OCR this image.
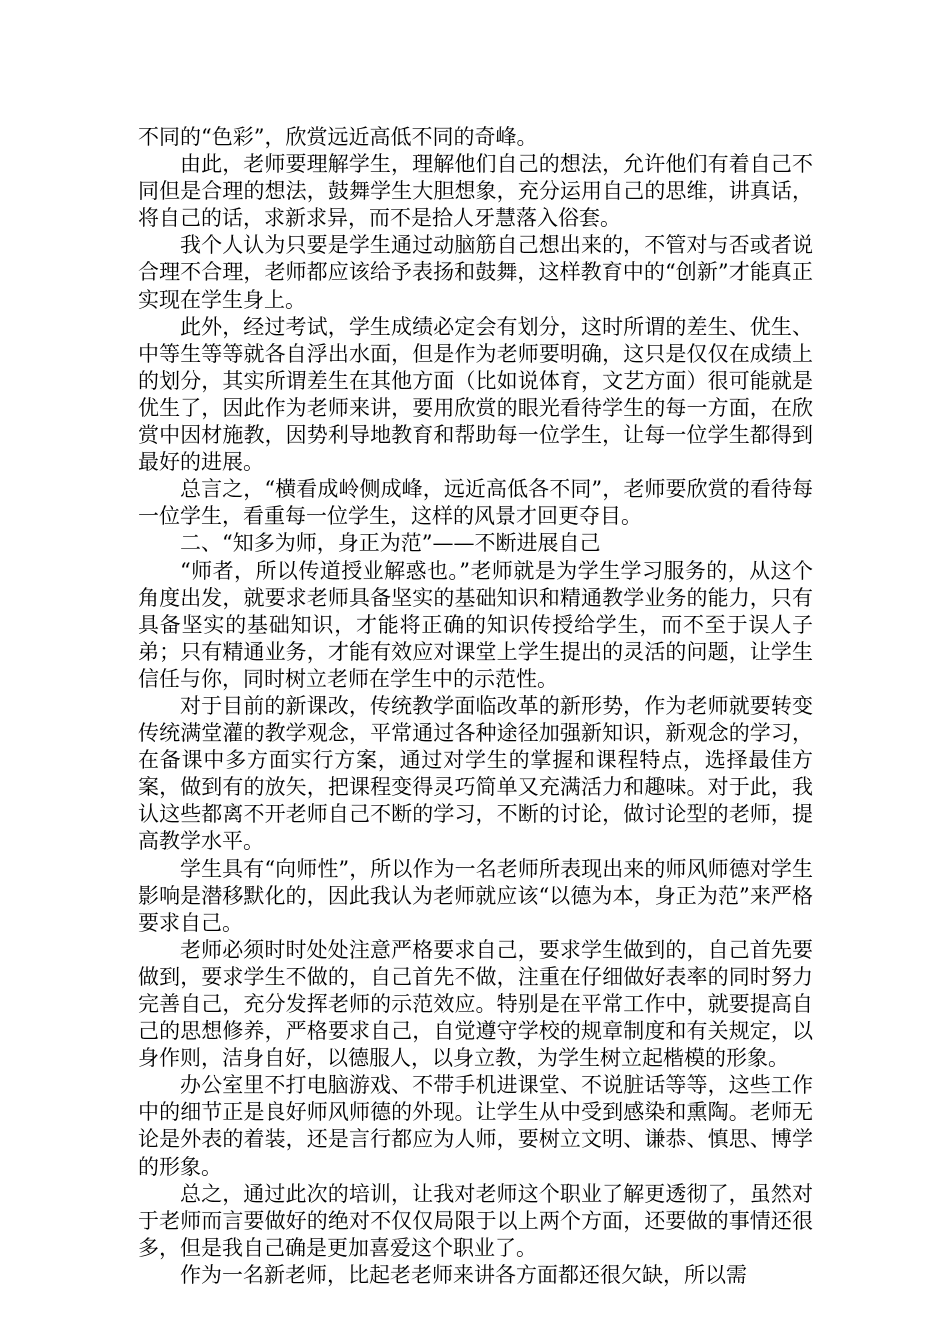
不同的“色彩”，欣赏远近高低不同的奇峰。

由此，老师要理解学生，理解他们自己的想法，允许他们有着自己不同但是合理的想法，鼓舞学生大胆想象，充分运用自己的思维，讲真话，将自己的话，求新求异，而不是拾人牙慧落入俗套。

我个人认为只要是学生通过动脑筋自己想出来的，不管对与否或者说合理不合理，老师都应该给予表扬和鼓舞，这样教育中的“创新”才能真正实现在学生身上。

此外，经过考试，学生成绩必定会有划分，这时所谓的差生、优生、中等生等等就各自浮出水面，但是作为老师要明确，这只是仅仅在成绩上的划分，其实所谓差生在其他方面（比如说体育，文艺方面）很可能就是优生了，因此作为老师来讲，要用欣赏的眼光看待学生的每一方面，在欣赏中因材施教，因势利导地教育和帮助每一位学生，让每一位学生都得到最好的进展。

总言之，“横看成岭侧成峰，远近高低各不同”，老师要欣赏的看待每一位学生，看重每一位学生，这样的风景才回更夺目。

二、“知多为师，身正为范”——不断进展自己

“师者，所以传道授业解惑也。”老师就是为学生学习服务的，从这个角度出发，就要求老师具备坚实的基础知识和精通教学业务的能力，只有具备坚实的基础知识，才能将正确的知识传授给学生，而不至于误人子弟；只有精通业务，才能有效应对课堂上学生提出的灵活的问题，让学生信任与你，同时树立老师在学生中的示范性。

对于目前的新课改，传统教学面临改革的新形势，作为老师就要转变传统满堂灌的教学观念，平常通过各种途径加强新知识，新观念的学习，在备课中多方面实行方案，通过对学生的掌握和课程特点，选择最佳方案，做到有的放矢，把课程变得灵巧简单又充满活力和趣味。对于此，我认这些都离不开老师自己不断的学习，不断的讨论，做讨论型的老师，提高教学水平。

学生具有“向师性”，所以作为一名老师所表现出来的师风师德对学生影响是潜移默化的，因此我认为老师就应该“以德为本，身正为范”来严格要求自己。

老师必须时时处处注意严格要求自己，要求学生做到的，自己首先要做到，要求学生不做的，自己首先不做，注重在仔细做好表率的同时努力完善自己，充分发挥老师的示范效应。特别是在平常工作中，就要提高自己的思想修养，严格要求自己，自觉遵守学校的规章制度和有关规定，以身作则，洁身自好，以德服人，以身立教，为学生树立起楷模的形象。

办公室里不打电脑游戏、不带手机进课堂、不说脏话等等，这些工作中的细节正是良好师风师德的外现。让学生从中受到感染和熏陶。老师无论是外表的着装，还是言行都应为人师，要树立文明、谦恭、慎思、博学的形象。

总之，通过此次的培训，让我对老师这个职业了解更透彻了，虽然对于老师而言要做好的绝对不仅仅局限于以上两个方面，还要做的事情还很多，但是我自己确是更加喜爱这个职业了。

作为一名新老师，比起老老师来讲各方面都还很欠缺，所以需
